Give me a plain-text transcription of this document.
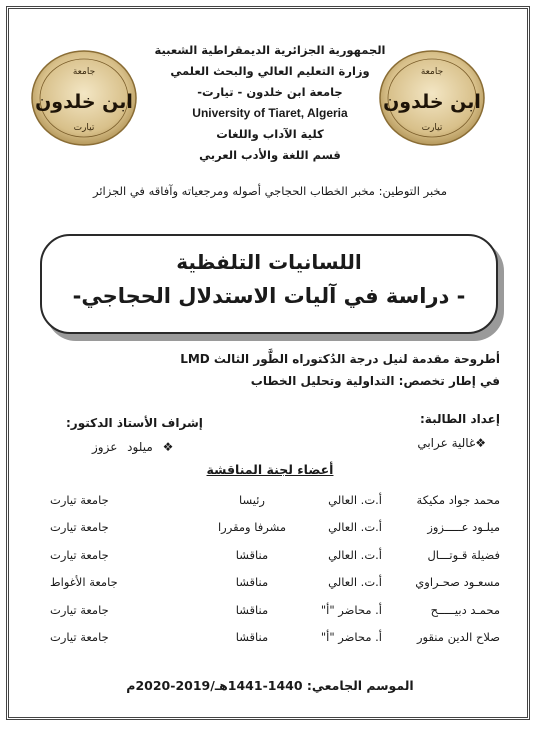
جامعة
ابن خلدون
تيارت
جامعة
ابن خلدون
تيارت
الجمهورية الجزائرية الديمقراطية الشعبية
وزارة التعليم العالي والبحث العلمي
جامعة ابن خلدون - تيارت-
University of Tiaret, Algeria
كلية الآداب واللغات
قسم اللغة والأدب العربي
مخبر التوطين: مخبر الخطاب الحجاجي أصوله ومرجعياته وآفاقه في الجزائر
اللسانيات التلفظية
- دراسة في آليات الاستدلال الحجاجي-
أطروحة مقدمة لنيل درجة الدُكتوراه الطَّور الثالث LMD
في إطار تخصص: التداولية وتحليل الخطاب
إعداد الطالبة:
❖غالية عرابي
إشراف الأستاذ الدكتور:
❖ ميلود عزوز
أعضاء لجنة المناقشة
محمد جواد مكيكة	أ.ت. العالي	رئيسا	جامعة تيارت
ميلـود عـــــزوز	أ.ت. العالي	مشرفا ومقررا	جامعة تيارت
فضيلة قـوتـــال	أ.ت. العالي	مناقشا	جامعة تيارت
مسعـود صحـراوي	أ.ت. العالي	مناقشا	جامعة الأغواط
محمـد دبيـــــح	أ. محاضر "أ"	مناقشا	جامعة تيارت
صلاح الدين منقور	أ. محاضر "أ"	مناقشا	جامعة تيارت
الموسم الجامعي: 1440-1441هـ/2019-2020م
